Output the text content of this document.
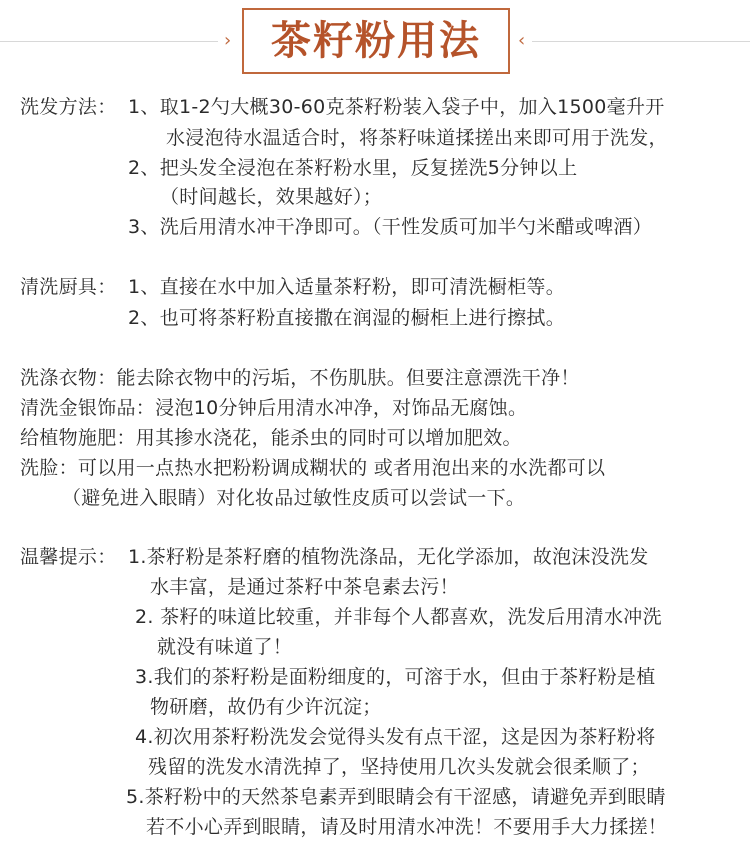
› 茶籽粉用法	‹
洗发方法： 1、取1-2勺大概30-60克茶籽粉装入袋子中，加入1500毫升开
水浸泡待水温适合时，将茶籽味道揉搓出来即可用于洗发，
2、把头发全浸泡在茶籽粉水里，反复搓洗5分钟以上
（时间越长，效果越好）；
3、洗后用清水冲干净即可。（干性发质可加半勺米醋或啤酒）
清洗厨具： 1、直接在水中加入适量茶籽粉，即可清洗橱柜等。
2、也可将茶籽粉直接撒在润湿的橱柜上进行擦拭。
洗涤衣物：能去除衣物中的污垢，不伤肌肤。但要注意漂洗干净！
清洗金银饰品：浸泡10分钟后用清水冲净，对饰品无腐蚀。
给植物施肥：用其掺水浇花，能杀虫的同时可以增加肥效。
洗脸：可以用一点热水把粉粉调成糊状的 或者用泡出来的水洗都可以
（避免进入眼睛）对化妆品过敏性皮质可以尝试一下。
温馨提示： 1.茶籽粉是茶籽磨的植物洗涤品，无化学添加，故泡沫没洗发
水丰富，是通过茶籽中茶皂素去污！
2. 茶籽的味道比较重，并非每个人都喜欢，洗发后用清水冲洗
就没有味道了！
3.我们的茶籽粉是面粉细度的，可溶于水，但由于茶籽粉是植
物研磨，故仍有少许沉淀；
4.初次用茶籽粉洗发会觉得头发有点干涩，这是因为茶籽粉将
残留的洗发水清洗掉了，坚持使用几次头发就会很柔顺了；
5.茶籽粉中的天然茶皂素弄到眼睛会有干涩感，请避免弄到眼睛
若不小心弄到眼睛，请及时用清水冲洗！不要用手大力揉搓！
